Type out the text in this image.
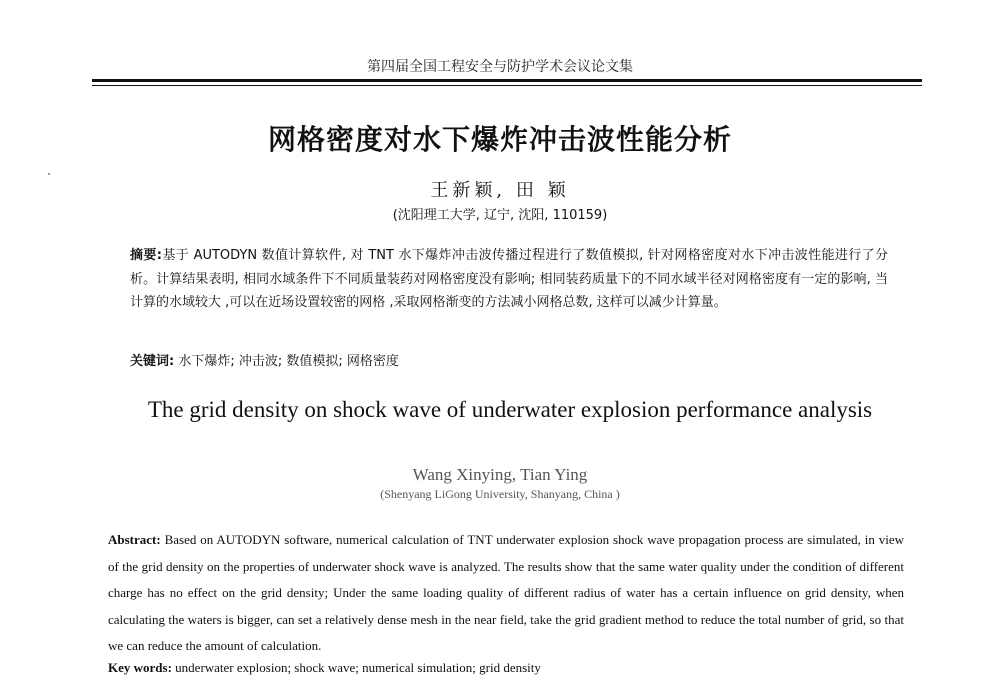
第四届全国工程安全与防护学术会议论文集
网格密度对水下爆炸冲击波性能分析
王新颖, 田 颖
(沈阳理工大学, 辽宁, 沈阳, 110159)
摘要:基于 AUTODYN 数值计算软件, 对 TNT 水下爆炸冲击波传播过程进行了数值模拟, 针对网格密度对水下冲击波性能进行了分析。计算结果表明, 相同水域条件下不同质量装药对网格密度没有影响; 相同装药质量下的不同水域半径对网格密度有一定的影响, 当计算的水域较大 ,可以在近场设置较密的网格 ,采取网格渐变的方法减小网格总数, 这样可以减少计算量。
关键词: 水下爆炸; 冲击波; 数值模拟; 网格密度
The grid density on shock wave of underwater explosion performance analysis
Wang Xinying, Tian Ying
(Shenyang LiGong University, Shanyang, China )
Abstract: Based on AUTODYN software, numerical calculation of TNT underwater explosion shock wave propagation process are simulated, in view of the grid density on the properties of underwater shock wave is analyzed. The results show that the same water quality under the condition of different charge has no effect on the grid density; Under the same loading quality of different radius of water has a certain influence on grid density, when calculating the waters is bigger, can set a relatively dense mesh in the near field, take the grid gradient method to reduce the total number of grid, so that we can reduce the amount of calculation.
Key words: underwater explosion; shock wave; numerical simulation; grid density
